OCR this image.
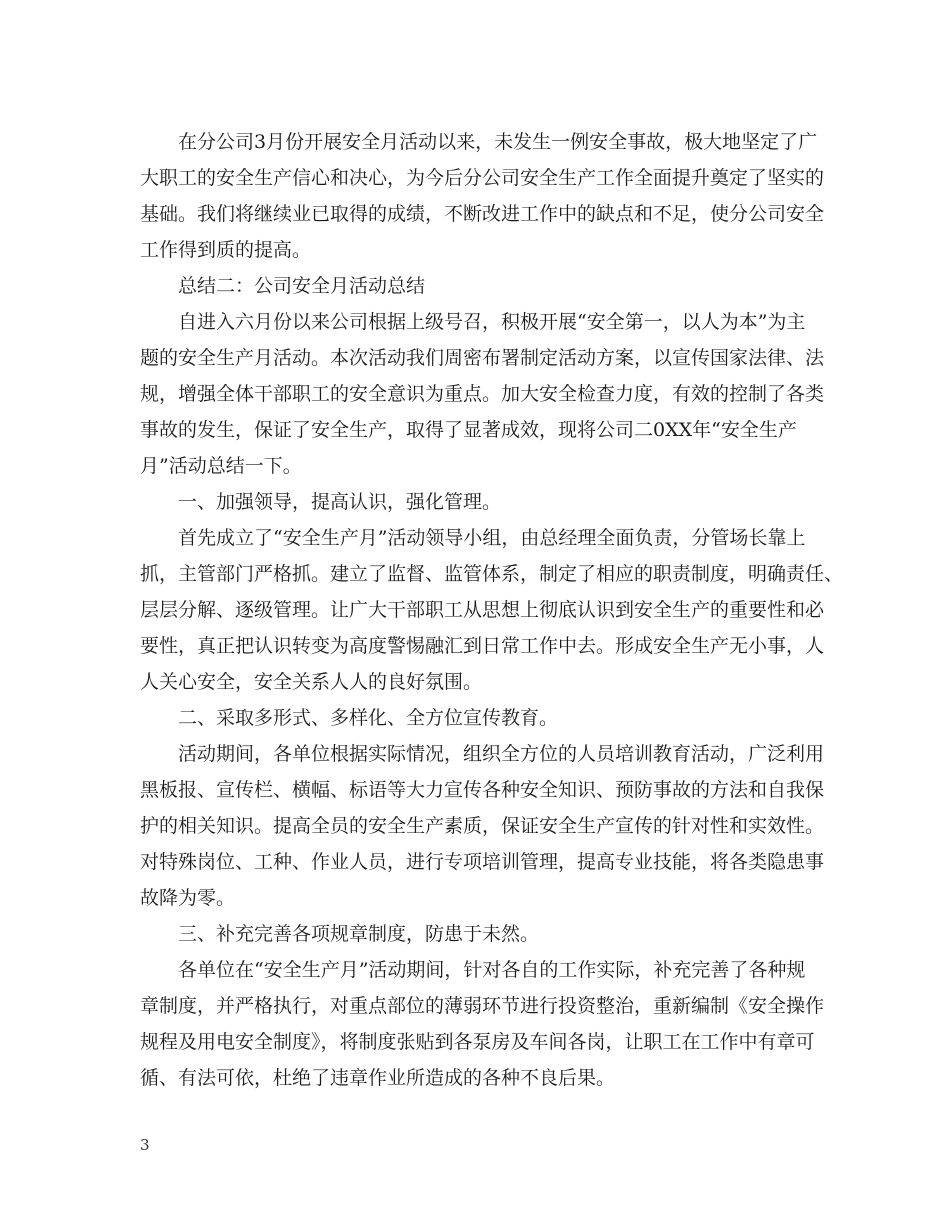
　　在分公司3月份开展安全月活动以来，未发生一例安全事故，极大地坚定了广
大职工的安全生产信心和决心，为今后分公司安全生产工作全面提升奠定了坚实的
基础。我们将继续业已取得的成绩，不断改进工作中的缺点和不足，使分公司安全
工作得到质的提高。
　　总结二：公司安全月活动总结
　　自进入六月份以来公司根据上级号召，积极开展“安全第一，以人为本”为主
题的安全生产月活动。本次活动我们周密布署制定活动方案，以宣传国家法律、法
规，增强全体干部职工的安全意识为重点。加大安全检查力度，有效的控制了各类
事故的发生，保证了安全生产，取得了显著成效，现将公司二0XX年“安全生产
月”活动总结一下。
　　一、加强领导，提高认识，强化管理。
　　首先成立了“安全生产月”活动领导小组，由总经理全面负责，分管场长靠上
抓，主管部门严格抓。建立了监督、监管体系，制定了相应的职责制度，明确责任、
层层分解、逐级管理。让广大干部职工从思想上彻底认识到安全生产的重要性和必
要性，真正把认识转变为高度警惕融汇到日常工作中去。形成安全生产无小事，人
人关心安全，安全关系人人的良好氛围。
　　二、采取多形式、多样化、全方位宣传教育。
　　活动期间，各单位根据实际情况，组织全方位的人员培训教育活动，广泛利用
黑板报、宣传栏、横幅、标语等大力宣传各种安全知识、预防事故的方法和自我保
护的相关知识。提高全员的安全生产素质，保证安全生产宣传的针对性和实效性。
对特殊岗位、工种、作业人员，进行专项培训管理，提高专业技能，将各类隐患事
故降为零。
　　三、补充完善各项规章制度，防患于未然。
　　各单位在“安全生产月”活动期间，针对各自的工作实际，补充完善了各种规
章制度，并严格执行，对重点部位的薄弱环节进行投资整治，重新编制《安全操作
规程及用电安全制度》，将制度张贴到各泵房及车间各岗，让职工在工作中有章可
循、有法可依，杜绝了违章作业所造成的各种不良后果。
3
